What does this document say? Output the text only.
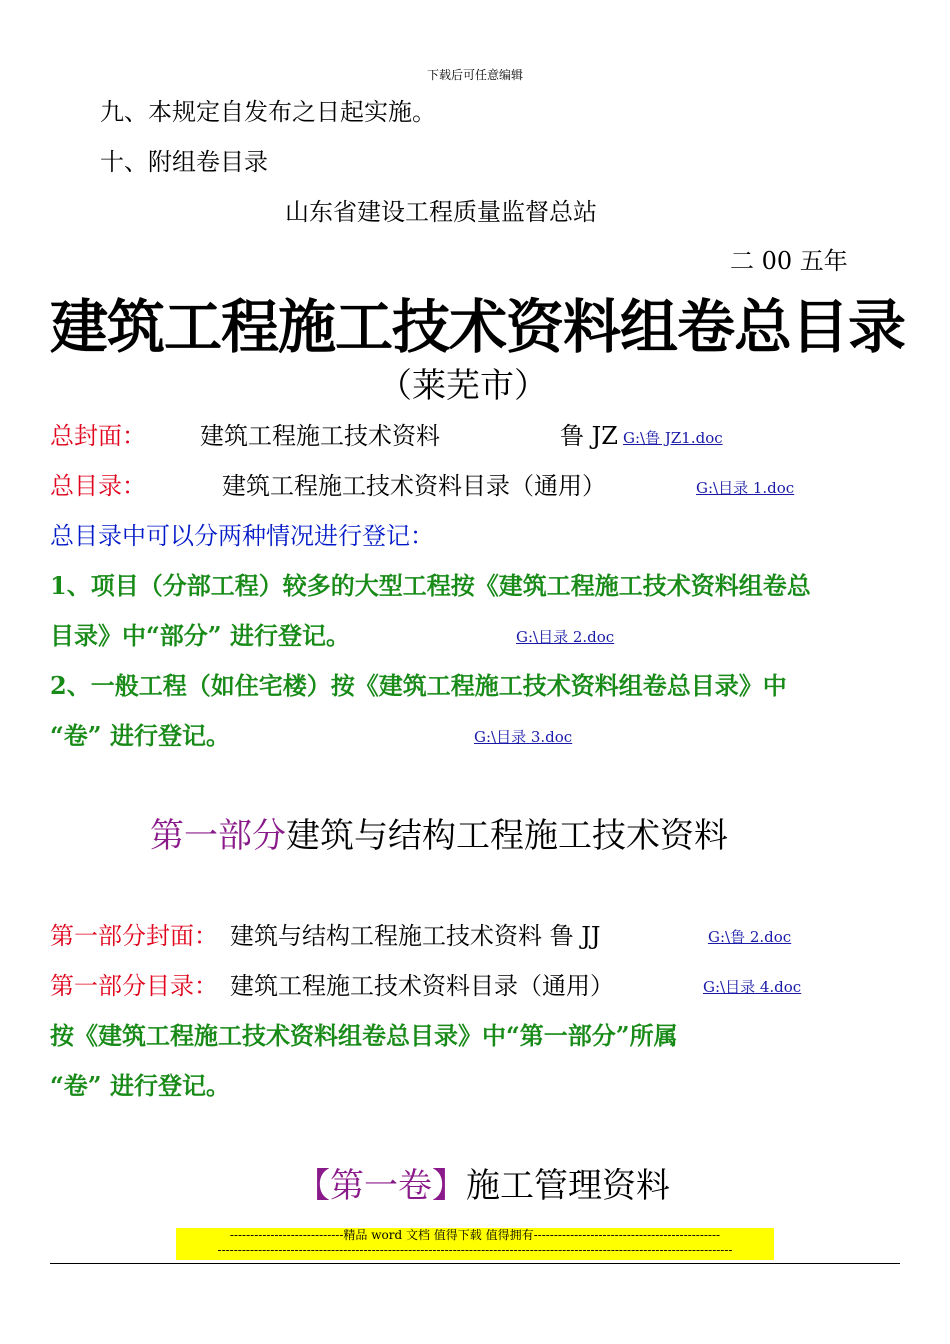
下载后可任意编辑
九、本规定自发布之日起实施。
十、附组卷目录
山东省建设工程质量监督总站
二 00 五年
建筑工程施工技术资料组卷总目录
（莱芜市）
总封面： 建筑工程施工技术资料	鲁 JZ G:\鲁 JZ1.doc
总目录：	建筑工程施工技术资料目录（通用）	G:\目录 1.doc
总目录中可以分两种情况进行登记：
1、项目（分部工程）较多的大型工程按《建筑工程施工技术资料组卷总
目录》中“部分” 进行登记。	G:\目录 2.doc
2、一般工程（如住宅楼）按《建筑工程施工技术资料组卷总目录》中
“卷” 进行登记。	G:\目录 3.doc
第一部分建筑与结构工程施工技术资料
第一部分封面： 建筑与结构工程施工技术资料 鲁 JJ	G:\鲁 2.doc
第一部分目录： 建筑工程施工技术资料目录（通用）	G:\目录 4.doc
按《建筑工程施工技术资料组卷总目录》中“第一部分”所属
“卷” 进行登记。
【第一卷】施工管理资料
----------------------------精品 word 文档 值得下载 值得拥有----------------------------------------------
-------------------------------------------------------------------------------------------------------------------------------
